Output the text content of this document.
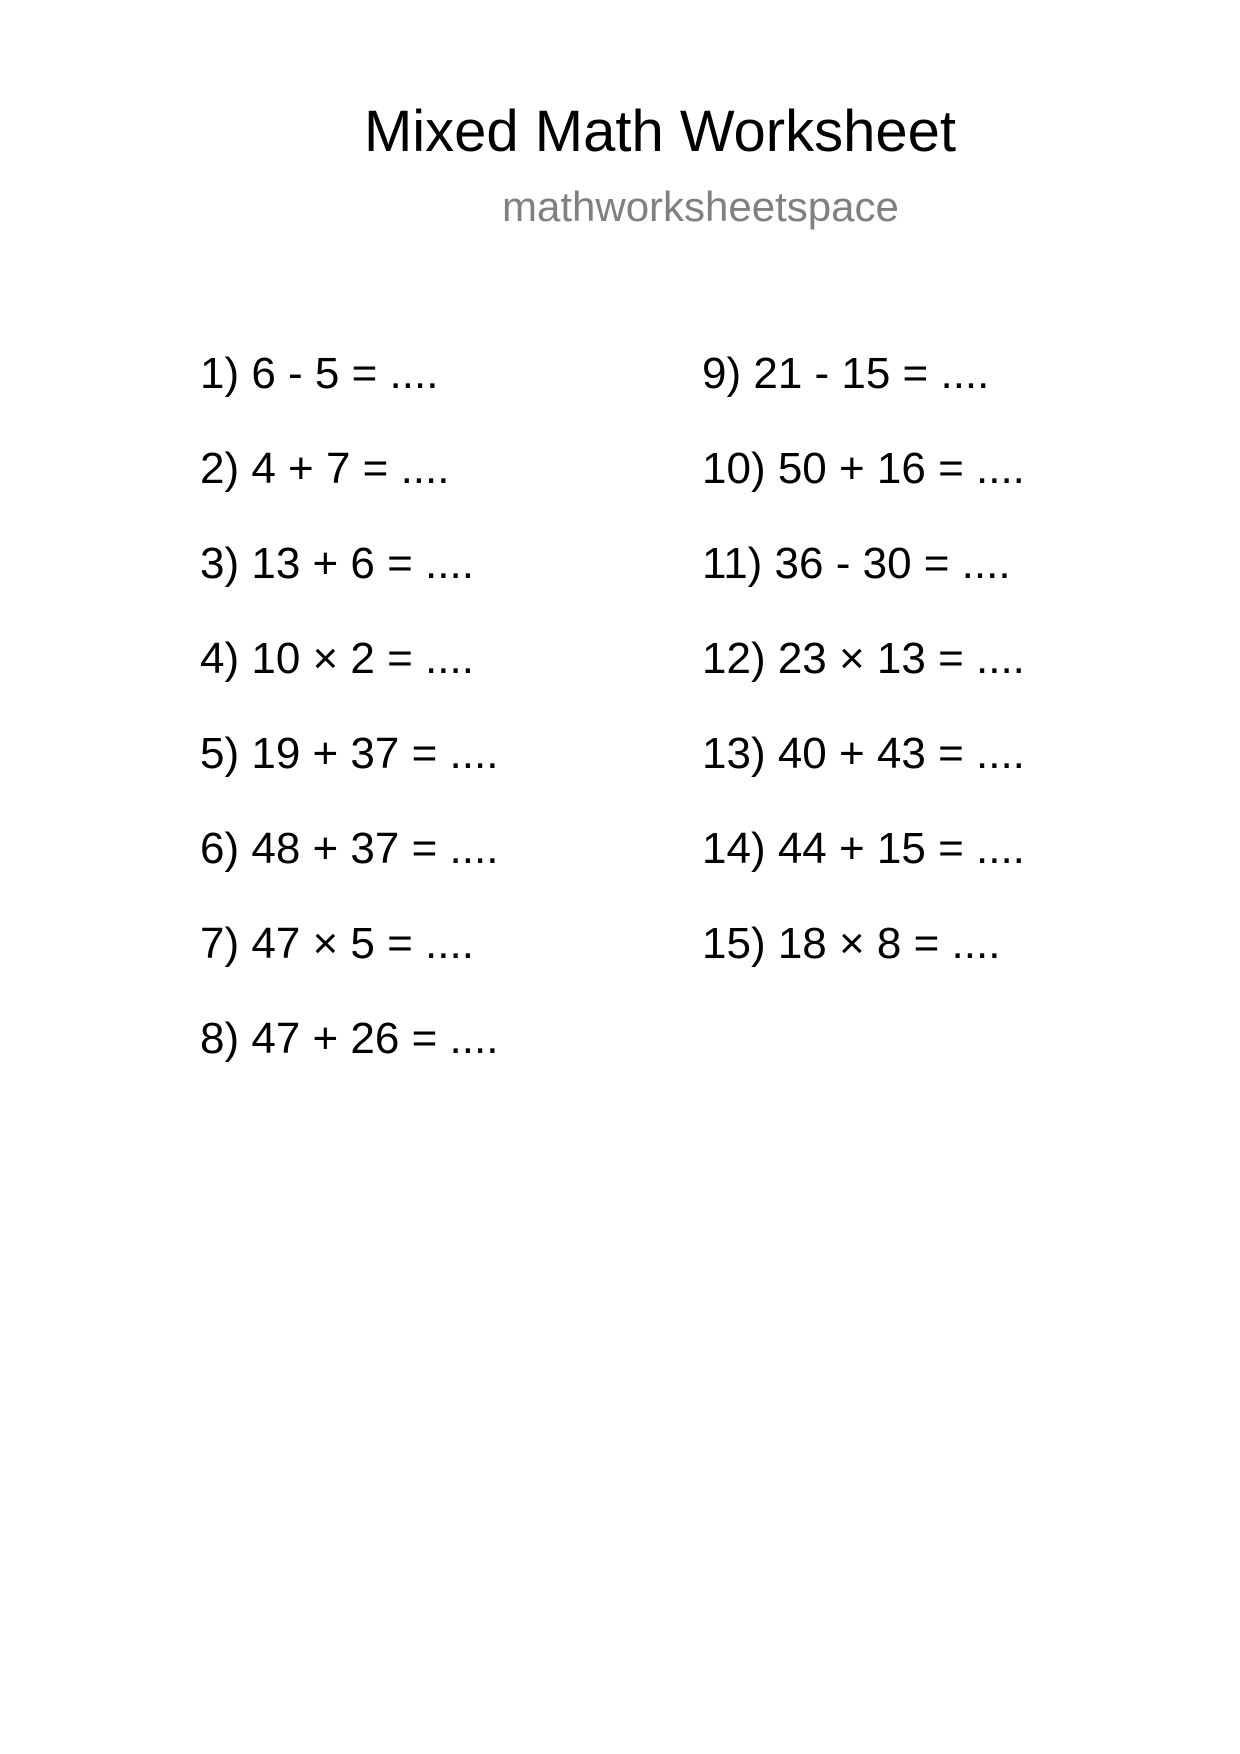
Mixed Math Worksheet
mathworksheetspace
1) 6 - 5 = ....
2) 4 + 7 = ....
3) 13 + 6 = ....
4) 10 × 2 = ....
5) 19 + 37 = ....
6) 48 + 37 = ....
7) 47 × 5 = ....
8) 47 + 26 = ....
9) 21 - 15 = ....
10) 50 + 16 = ....
11) 36 - 30 = ....
12) 23 × 13 = ....
13) 40 + 43 = ....
14) 44 + 15 = ....
15) 18 × 8 = ....
